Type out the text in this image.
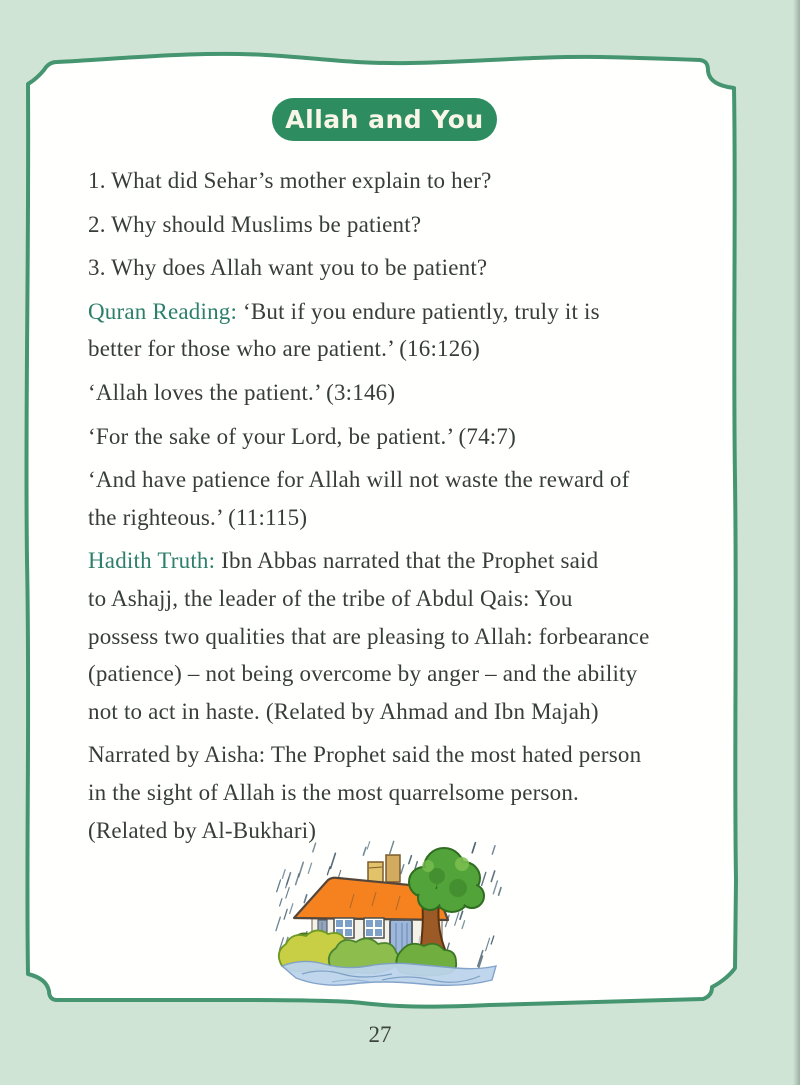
Allah and You

1. What did Sehar’s mother explain to her?

2. Why should Muslims be patient?

3. Why does Allah want you to be patient?

Quran Reading: ‘But if you endure patiently, truly it is
better for those who are patient.’ (16:126)

‘Allah loves the patient.’ (3:146)

‘For the sake of your Lord, be patient.’ (74:7)

‘And have patience for Allah will not waste the reward of
the righteous.’ (11:115)

Hadith Truth: Ibn Abbas narrated that the Prophet said
to Ashajj, the leader of the tribe of Abdul Qais: You
possess two qualities that are pleasing to Allah: forbearance
(patience) – not being overcome by anger – and the ability
not to act in haste. (Related by Ahmad and Ibn Majah)

Narrated by Aisha: The Prophet said the most hated person
in the sight of Allah is the most quarrelsome person.
(Related by Al-Bukhari)

27
